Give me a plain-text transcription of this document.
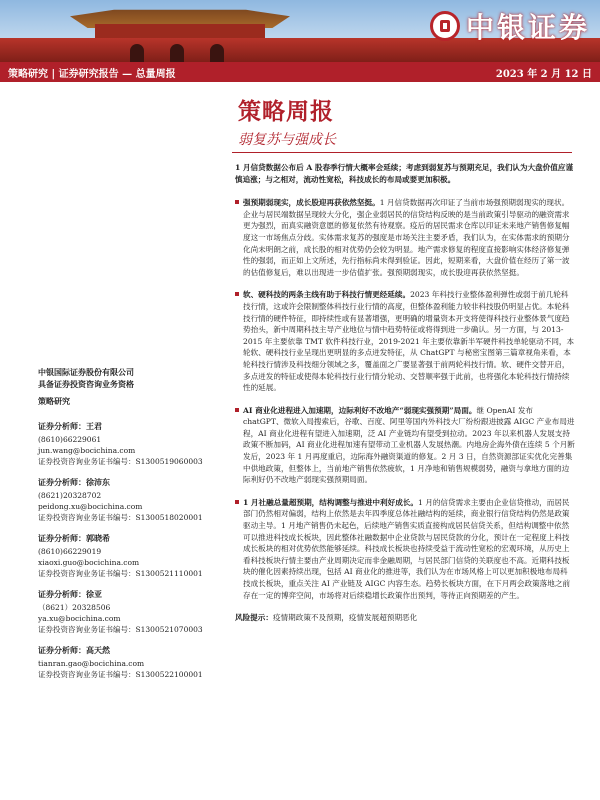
中银证券
策略研究 | 证券研究报告 — 总量周报	2023 年 2 月 12 日
策略周报
弱复苏与强成长

1 月信贷数据公布后 A 股春季行情大概率会延续；考虑到弱复苏与预期充足，我们认为大盘价值应谨慎追涨；与之相对，流动性宽松，科技成长的布局或要更加积极。

强预期弱现实，成长股迎再获依然坚挺。1 月信贷数据再次印证了当前市场强预期弱现实的现状。企业与居民端数据呈现较大分化，强企业弱居民的信贷结构反映的是当前政策引导驱动的融资需求更为强烈，而真实融资意愿的修复依然有待观察。疫后的居民需求仓库以印证未来地产销售修复幅度这一市场焦点分歧。实体需求复苏的强度是市场关注主要矛盾，我们认为，在实体需求的预期分化尚未明朗之前，成长股的相对优势仍会较为明显。地产需求修复的程度直接影响实体经济修复弹性的强弱，而正如上文所述，先行指标尚未得到验证。因此，短期来看，大盘价值在经历了第一波的估值修复后，难以出现进一步估值扩张。强预期弱现实，成长股迎再获依然坚挺。
软、硬科技的两条主线有助于科技行情更经延续。2023 年科技行业整体盈利弹性或弱于前几轮科技行情，这或许会限制整体科技行业行情的高度，但整体盈利能力较非科技股仍明显占优。本轮科技行情的硬件特征，即持续性或有显著增强，更明确的增量资本开支将使得科技行业整体景气度趋势抬头，新中周期科技主导产业地位与情中趋势特征或将得到进一步确认。另一方面，与 2013-2015 年主要依靠 TMT 软件科技行业，2019-2021 年主要依靠新半军硬件科技单轮驱动不同，本轮软、硬科技行业呈现出更明显的多点迸发特征，从 ChatGPT 与秘密宝图第三篇章视角来看，本轮科技行情涉及科技细分领域之多，覆盖面之广要显著强于前两轮科技行情。软、硬件交替开启，多点迸发的特征或使得本轮科技行业行情分轮动、交替顺率强于此前，也将强化本轮科技行情持续性的延展。
AI 商业化进程进入加速期，边际利好不改地产“弱现实强预期”局面。继 OpenAI 发布 chatGPT、微软入局搜索后，谷歌、百度、阿里等国内外科技大厂纷纷跟进披露 AIGC 产业布局进程，AI 商业化进程有望进入加速期，泛 AI 产业链均有望受到拉动。2023 年以来机器人发展支持政策不断加码，AI 商业化进程加速有望带动工业机器人发展热潮。内地房企海外债在连续 5 个月断发后，2023 年 1 月再度重启，边际海外融资渠道的修复。2 月 3 日，自然资源部证实优化完善集中供地政策，但整体上，当前地产销售依然疲软，1 月净地和销售规模弱势，融资与拿地方面的边际利好仍不改地产弱现实强预期局面。
1 月社融总量超预期，结构调整与推进中利好成长。1 月的信贷需求主要由企业信贷推动，而居民部门仍然相对偏弱，结构上依然是去年四季度总体社融结构的延续，商业银行信贷结构仍然是政策驱动主导。1 月地产销售仍未起色，后续地产销售实质直接构成居民信贷关系，但结构调整中依然可以推进科技成长板块，因此整体社融数据中企业贷款与居民贷款的分化，预计在一定程度上科技成长板块的相对优势依然能够延续。科技成长板块也持续受益于流动性宽松的宏观环境，从历史上看科技板块行情主要由产业周期决定而非金融周期，与居民部门信贷的关联度也不高。近期科技板块的催化因素持续出现，包括 AI 商业化的推进等，我们认为在市场风格上可以更加积极地布局科技成长板块，重点关注 AI 产业链及 AIGC 内容生态。趋势长板块方面，在下月两会政策落地之前存在一定的博弈空间，市场将对后续稳增长政策作出预判，等待正向预期差的产生。

风险提示：疫情期政策不及预期，疫情发展超预期恶化

中银国际证券股份有限公司
具备证券投资咨询业务资格
策略研究
证券分析师：王君
(8610)66229061
jun.wang@bocichina.com
证券投资咨询业务证书编号：S1300519060003
证券分析师：徐沛东
(8621)20328702
peidong.xu@bocichina.com
证券投资咨询业务证书编号：S1300518020001
证券分析师：郭晓希
(8610)66229019
xiaoxi.guo@bocichina.com
证券投资咨询业务证书编号：S1300521110001
证券分析师：徐亚
（8621）20328506
ya.xu@bocichina.com
证券投资咨询业务证书编号：S1300521070003
证券分析师：高天然
tianran.gao@bocichina.com
证券投资咨询业务证书编号：S1300522100001
